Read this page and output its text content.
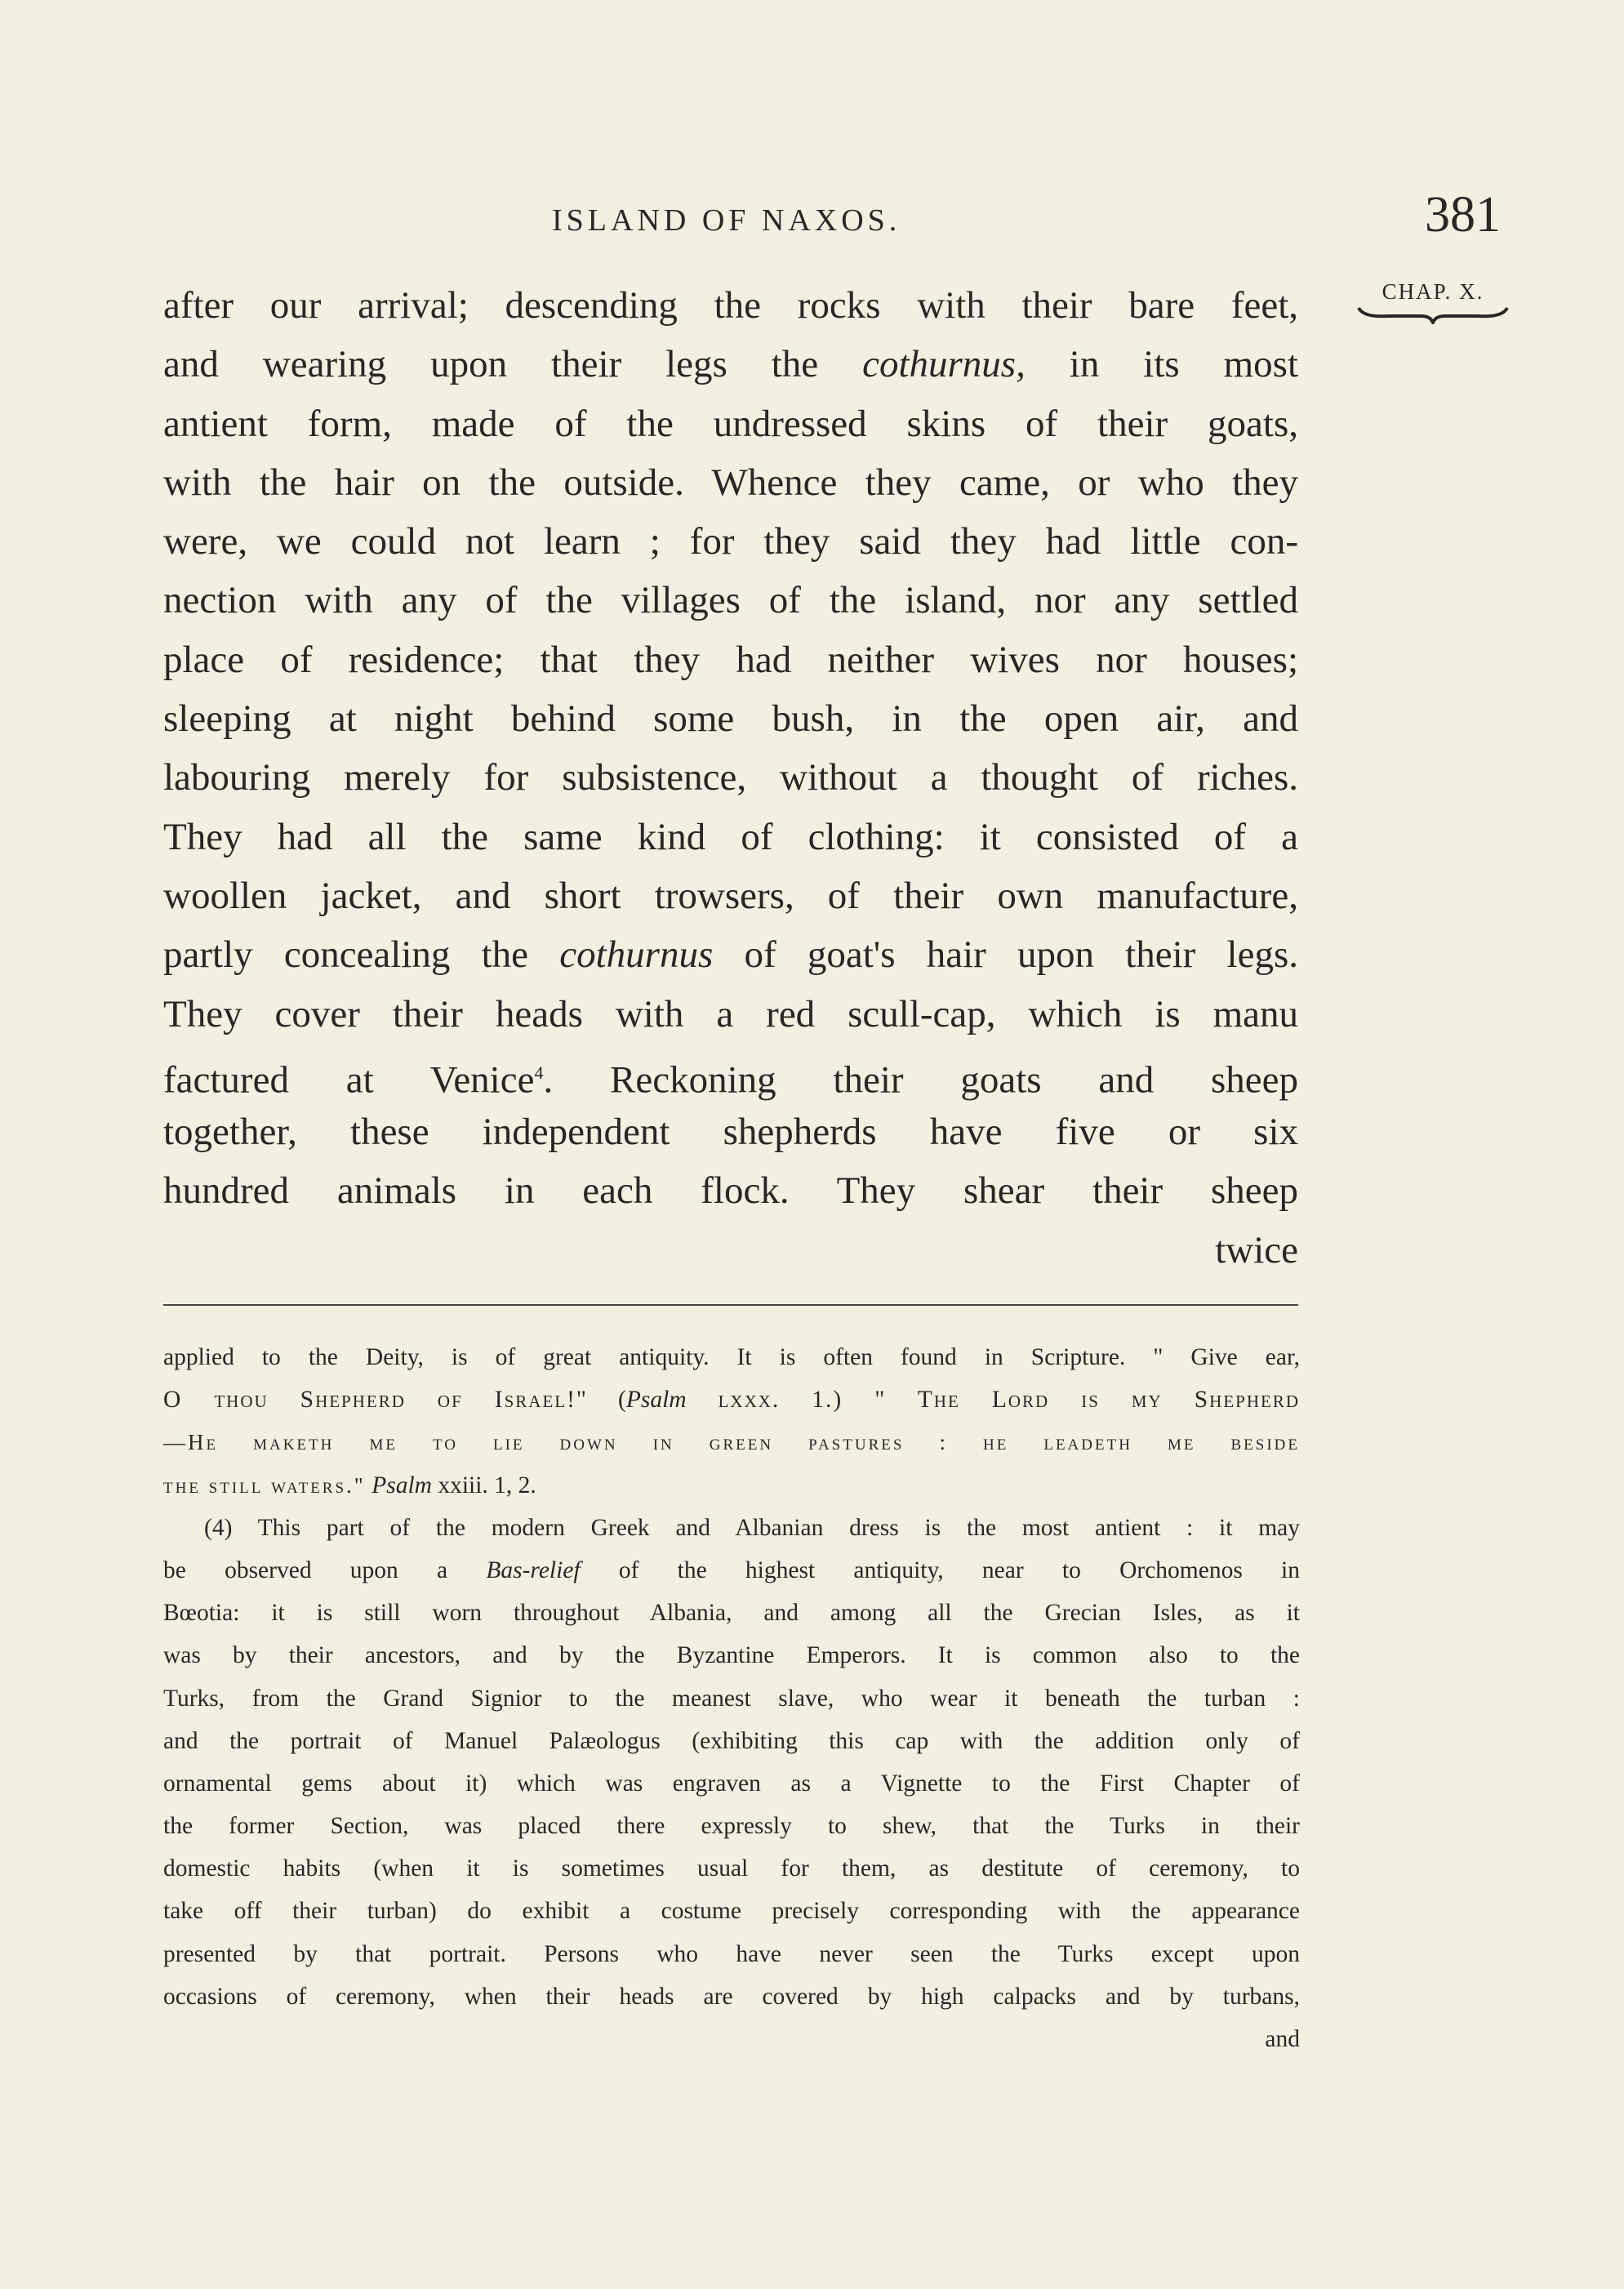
ISLAND OF NAXOS.	381
CHAP. X.
after our arrival; descending the rocks with their bare feet,
and wearing upon their legs the cothurnus, in its most
antient form, made of the undressed skins of their goats,
with the hair on the outside. Whence they came, or who they
were, we could not learn ; for they said they had little con-
nection with any of the villages of the island, nor any settled
place of residence; that they had neither wives nor houses;
sleeping at night behind some bush, in the open air, and
labouring merely for subsistence, without a thought of riches.
They had all the same kind of clothing: it consisted of a
woollen jacket, and short trowsers, of their own manufacture,
partly concealing the cothurnus of goat's hair upon their legs.
They cover their heads with a red scull-cap, which is manu
factured at Venice$^4$. Reckoning their goats and sheep
together, these independent shepherds have five or six
hundred animals in each flock. They shear their sheep
twice
applied to the Deity, is of great antiquity. It is often found in Scripture. " Give ear,
O thou Shepherd of Israel!" (Psalm lxxx. 1.) " The Lord is my Shepherd
—He maketh me to lie down in green pastures : he leadeth me beside
the still waters." Psalm xxiii. 1, 2.
(4) This part of the modern Greek and Albanian dress is the most antient : it may
be observed upon a Bas-relief of the highest antiquity, near to Orchomenos in
Bœotia: it is still worn throughout Albania, and among all the Grecian Isles, as it
was by their ancestors, and by the Byzantine Emperors. It is common also to the
Turks, from the Grand Signior to the meanest slave, who wear it beneath the turban :
and the portrait of Manuel Palæologus (exhibiting this cap with the addition only of
ornamental gems about it) which was engraven as a Vignette to the First Chapter of
the former Section, was placed there expressly to shew, that the Turks in their
domestic habits (when it is sometimes usual for them, as destitute of ceremony, to
take off their turban) do exhibit a costume precisely corresponding with the appearance
presented by that portrait. Persons who have never seen the Turks except upon
occasions of ceremony, when their heads are covered by high calpacks and by turbans,
and
